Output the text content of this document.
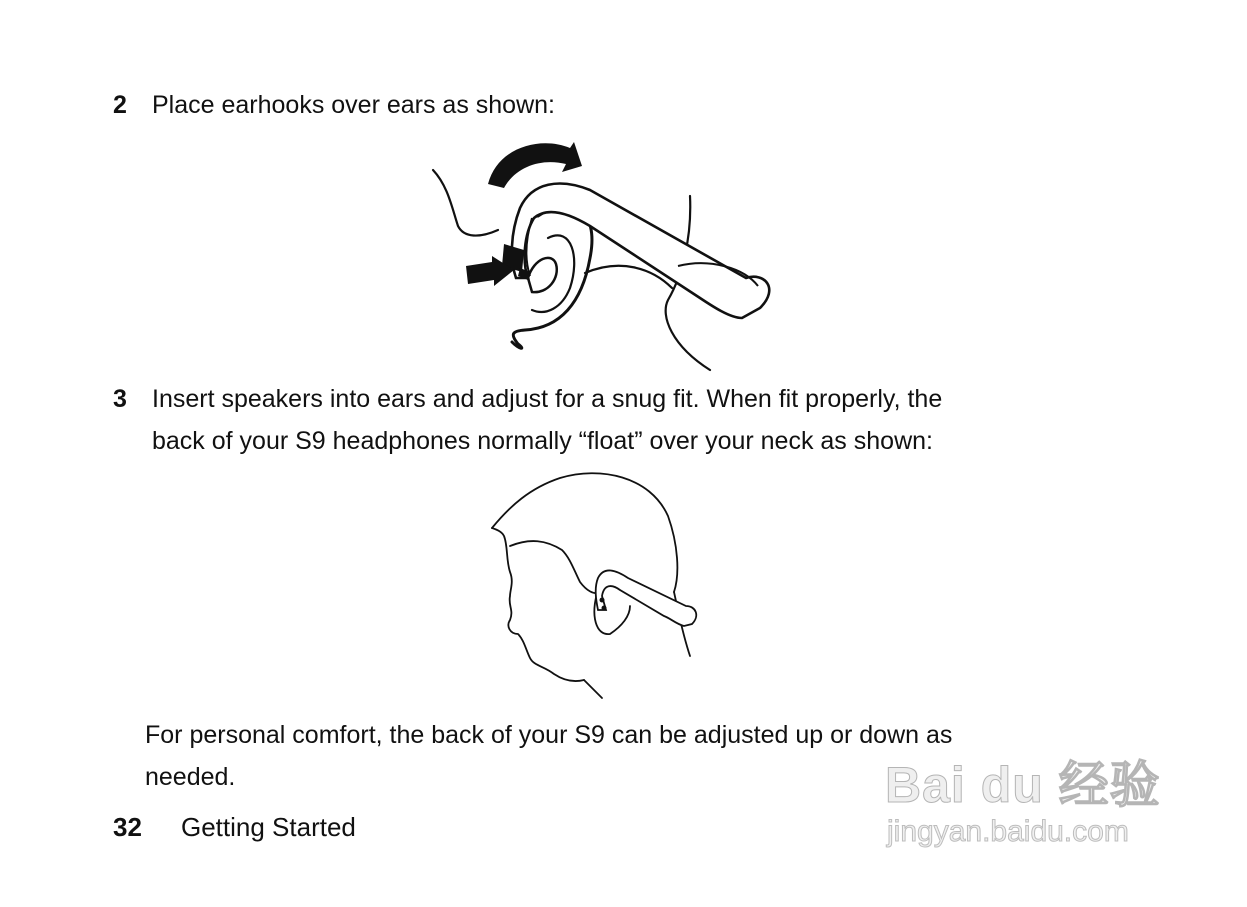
2 Place earhooks over ears as shown:
3 Insert speakers into ears and adjust for a snug fit. When fit properly, the
back of your S9 headphones normally “float” over your neck as shown:
For personal comfort, the back of your S9 can be adjusted up or down as
needed.
32 Getting Started
Bai du 经验
jingyan.baidu.com
